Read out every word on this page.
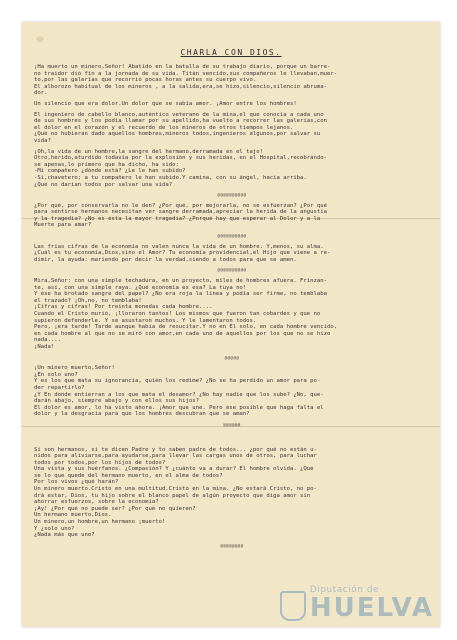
CHARLA CON DIOS.
¡Ha muerto un minero,Señor! Abatido en la batalla de su trabajo diario, porque un barre-
no traidor dió fin a la jornada de su vida. Titán vencido,sus compañeros le llevaban,muer-
to,por las galerías que recorrió pocas horas antes su cuerpo vivo.
El alborozo habitual de los mineros , a la salida,era,se hizo,silencio,silencio abruma-
dor.
Un silencio que era dolor.Un dolor que se sabía amor. ¡Amor entre los hombres!
El ingeniero de cabello blanco,auténtico veterano de la mina,el que conocía a cada uno
de sus hombres y los podía llamar por su apellido,ha vuelto a recorrer las galerías,con
el dolor en el corazón y el recuerdo de los mineros de otros tiempos lejanos.
¿Qué no hubieran dado aquellos hombres,mineros todos,ingenieros algunos,por salvar su
vida?
¡Oh,la vida de un hombre,la sangre del hermano,derramada en el tajo!
Otro,herido,aturdido todavía por la explosión y sus heridas, en el Hospital,recobrándo-
se apenas,lo primero que ha dicho, ha sido:
-Mi compañero ¿dónde está? ¿Le le han subido?
-Sí,chavetero; a tu compañero le han subido.Y camina, con su ángel, hacia arriba.
¿Qué no darían todos por salvar una vida?
@@@@@@@@@@
¿Por qué, por conservarla no le den? ¿Por qué, por mejorarla, no se esfuerzan? ¿Por qué
para sentirse hermanos necesitan ver sangre derramada,apreciar la herida de la angustia
y la tragedia? ¿No es ésta la mayor tragedia? ¿Porqué hay que esperar al Dolor y a la
Muerte para amar?
@@@@@@@@@@
Las frías cifras de la economía no valen nunca la vida de un hombre. Y,menos, su alma.
¿Cuál es tu economía,Dios,sino el Amor? Tu economía providencial,el Hijo que viene a re-
dimir, la ayuda: mariendo por decir la verdad,siendo a todos para que se amen.
@@@@@@@@@@
Mira,Señor: con una simple techadura, en un proyecto, miles de hombres afuera. Frinzan-
te, así, con una simple raya. ¿Qué economía es esa? La tuya no!
Y ése ha brotado sangre del papel? ¿No era roja la línea y podía ser firme, no temblaba
el trazado? ¡Oh,no, no temblaba!
¡Cifras y cifras! Por treinta monedas cada hombre....
Cuando el Cristo murió, ¡lloraron tantos! Los mismos que fueron tan cobardes y que no
supieron defenderle. Y se asustaron muchos. Y le lamentaron todos.
Pero, ¡era tarde! Tarde aunque había de resucitar.Y no en El solo, en cada hombre vencido,
en cada hombre al que no se miró con amor,en cada uno de aquellos por los que no se hizo
nada....
¡Nada!
@@@@@
¡Un minero muerto,Señor!
¿En solo uno?
Y es los que mata su ignorancia, quién los redime? ¿No se ha perdido un amor para po-
der repartirlo?
¿Y En donde entierran a los que mata el desamor? ¿No hay nadie que los sube? ¿No, que-
darán abajo, siempre abajo y con ellos sus hijos?
El dolor es amor, lo ha visto ahora. ¡Amor que une. Pero ése posible que haga falta el
dolor y la desgracia para que los hombres descubran que se aman?
@@@@@@
Si son hermanos, si te dicen Padre y to saben padre de todos... ¿por qué no están u-
nidos para aliviarse,para ayudarse,para llevar las cargas unos de otros, para luchar
todos por todos,por los hijos de todos?
Una vista y sus huérfanos. ¿Compasión? Y ¿cuánto va a durar? El hombre olvida. ¿Qué
se lo que quede del hermano muerto, en el alma de todos?
Por los vivos ¿qué harán?
Un minero muerto.Cristo en una multitud.Cristo en la mina. ¿No estará Cristo, no po-
drá estar, Dios, tu hijo sobre el blanco papel de algún proyecto que diga amor sin
ahorrar esfuerzos, sobre la economía?
¡Ay! ¿Por qué no puede ser? ¿Por qué no quieren?
Un hermano muerto,Dios.
Un minero,un hombre,un hermano ¡muerto!
Y ¿solo uno?
¿Nada más que uno?
@@@@@@@@
Diputación de
HUELVA
